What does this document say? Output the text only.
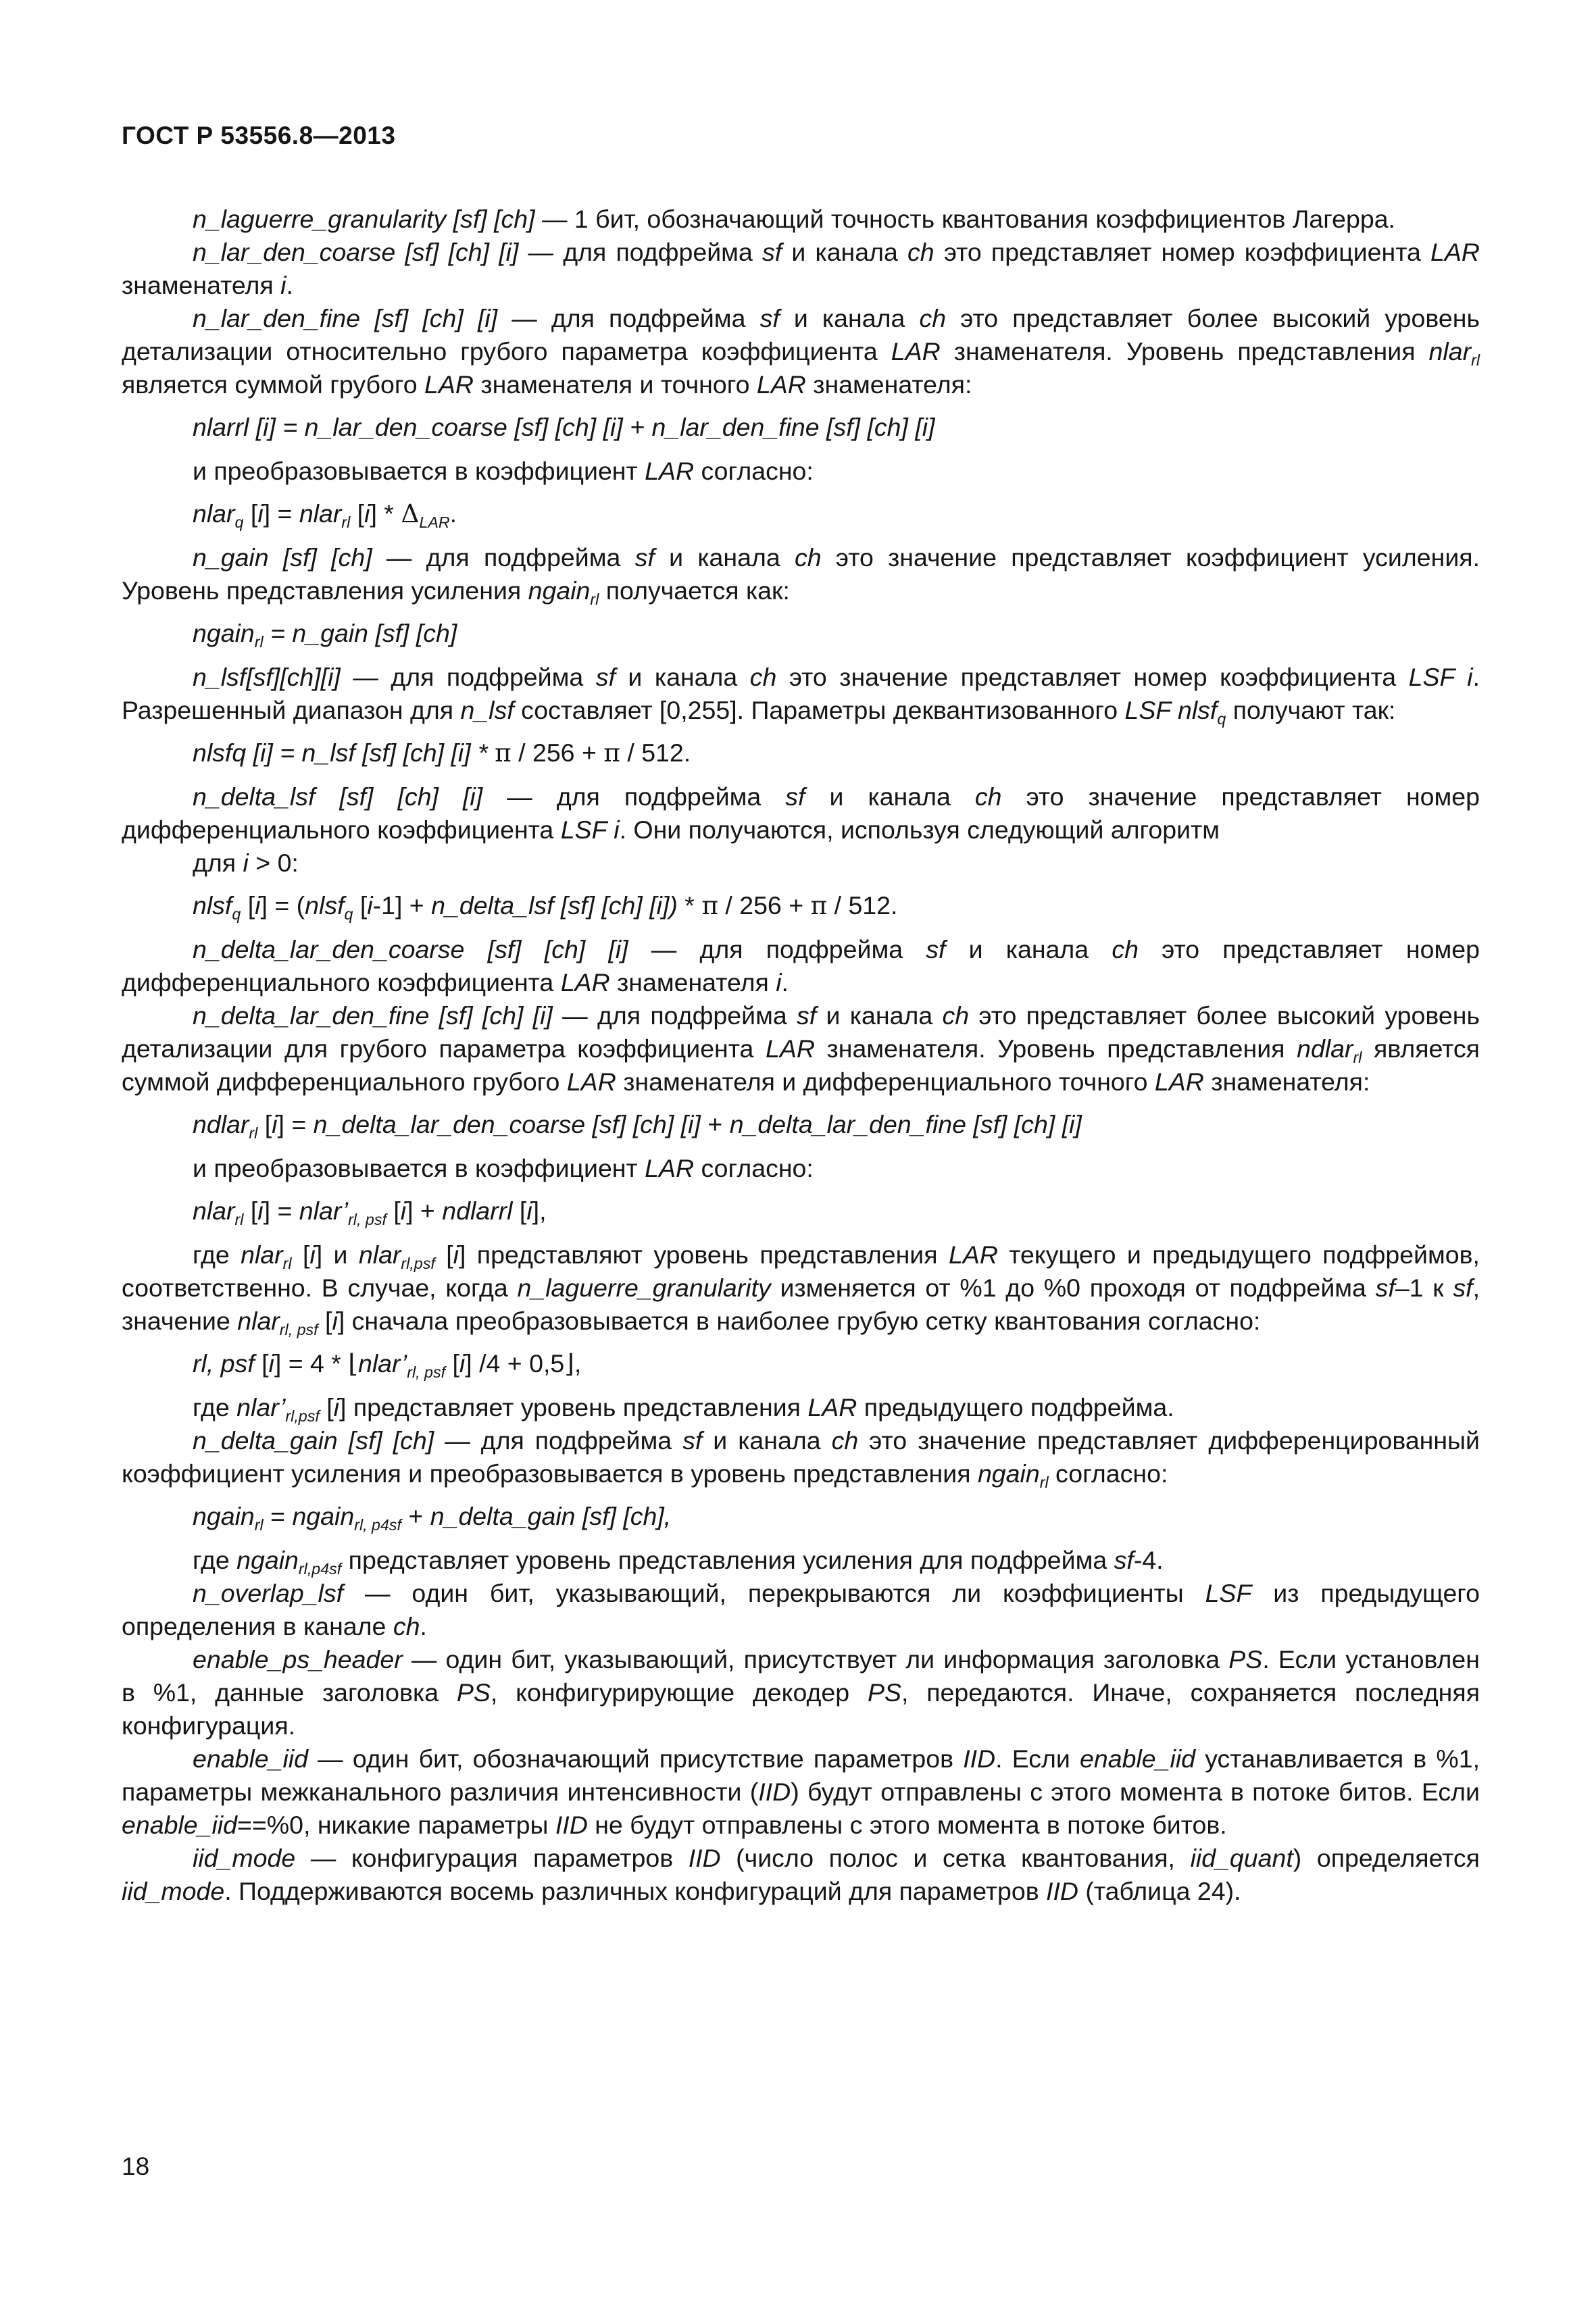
ГОСТ Р 53556.8—2013

n_laguerre_granularity [sf] [ch] — 1 бит, обозначающий точность квантования коэффициентов Лагерра.

n_lar_den_coarse [sf] [ch] [i] — для подфрейма sf и канала ch это представляет номер коэффициента LAR знаменателя i.

n_lar_den_fine [sf] [ch] [i] — для подфрейма sf и канала ch это представляет более высокий уровень детализации относительно грубого параметра коэффициента LAR знаменателя. Уровень представления nlar$_{rl}$ является суммой грубого LAR знаменателя и точного LAR знаменателя:

nlarrl [i] = n_lar_den_coarse [sf] [ch] [i] + n_lar_den_fine [sf] [ch] [i]

и преобразовывается в коэффициент LAR согласно:

nlar$_q$ [i] = nlar$_{rl}$ $[i] * \Delta_{LAR}$.

n_gain [sf] [ch] — для подфрейма sf и канала ch это значение представляет коэффициент усиления. Уровень представления усиления ngain$_{rl}$ получается как:

ngain$_{rl}$ = n_gain [sf] [ch]

n_lsf[sf][ch][i] — для подфрейма sf и канала ch это значение представляет номер коэффициента LSF i. Разрешенный диапазон для n_lsf составляет [0,255]. Параметры деквантизованного LSF nlsf$_q$ получают так:

nlsfq [i] = n_lsf [sf] [ch] [i] * π / 256 + π / 512.

n_delta_lsf [sf] [ch] [i] — для подфрейма sf и канала ch это значение представляет номер дифференциального коэффициента LSF i. Они получаются, используя следующий алгоритм

для i > 0:

nlsf$_q$ [i] = (nlsf$_q$ [i-1] + n_delta_lsf [sf] [ch] [i]) * π / 256 + π / 512.

n_delta_lar_den_coarse [sf] [ch] [i] — для подфрейма sf и канала ch это представляет номер дифференциального коэффициента LAR знаменателя i.

n_delta_lar_den_fine [sf] [ch] [i] — для подфрейма sf и канала ch это представляет более высокий уровень детализации для грубого параметра коэффициента LAR знаменателя. Уровень представления ndlar$_{rl}$ является суммой дифференциального грубого LAR знаменателя и дифференциального точного LAR знаменателя:

ndlar$_{rl}$ [i] = n_delta_lar_den_coarse [sf] [ch] [i] + n_delta_lar_den_fine [sf] [ch] [i]

и преобразовывается в коэффициент LAR согласно:

nlar$_{rl}$ $[i] = nlar’_{rl, psf}$ [i] + ndlarrl [i],

где nlar$_{rl}$ [i] и nlar$_{rl,psf}$ [i] представляют уровень представления LAR текущего и предыдущего подфреймов, соответственно. В случае, когда n_laguerre_granularity изменяется от %1 до %0 проходя от подфрейма sf–1 к sf, значение nlar$_{rl, psf}$ [i] сначала преобразовывается в наиболее грубую сетку квантования согласно:

rl, psf $[i] = 4 * ⌊nlar’_{rl, psf}$ [i] /4 + 0,5⌋,

где $nlar’_{rl,psf}$ [i] представляет уровень представления LAR предыдущего подфрейма.

n_delta_gain [sf] [ch] — для подфрейма sf и канала ch это значение представляет дифференцированный коэффициент усиления и преобразовывается в уровень представления ngain$_{rl}$ согласно:

ngain$_{rl}$ = ngain$_{rl, p4sf}$ + n_delta_gain [sf] [ch],

где ngain$_{rl,p4sf}$ представляет уровень представления усиления для подфрейма sf-4.

n_overlap_lsf — один бит, указывающий, перекрываются ли коэффициенты LSF из предыдущего определения в канале ch.

enable_ps_header — один бит, указывающий, присутствует ли информация заголовка PS. Если установлен в %1, данные заголовка PS, конфигурирующие декодер PS, передаются. Иначе, сохраняется последняя конфигурация.

enable_iid — один бит, обозначающий присутствие параметров IID. Если enable_iid устанавливается в %1, параметры межканального различия интенсивности (IID) будут отправлены с этого момента в потоке битов. Если enable_iid==%0, никакие параметры IID не будут отправлены с этого момента в потоке битов.

iid_mode — конфигурация параметров IID (число полос и сетка квантования, iid_quant) определяется iid_mode. Поддерживаются восемь различных конфигураций для параметров IID (таблица 24).

18
